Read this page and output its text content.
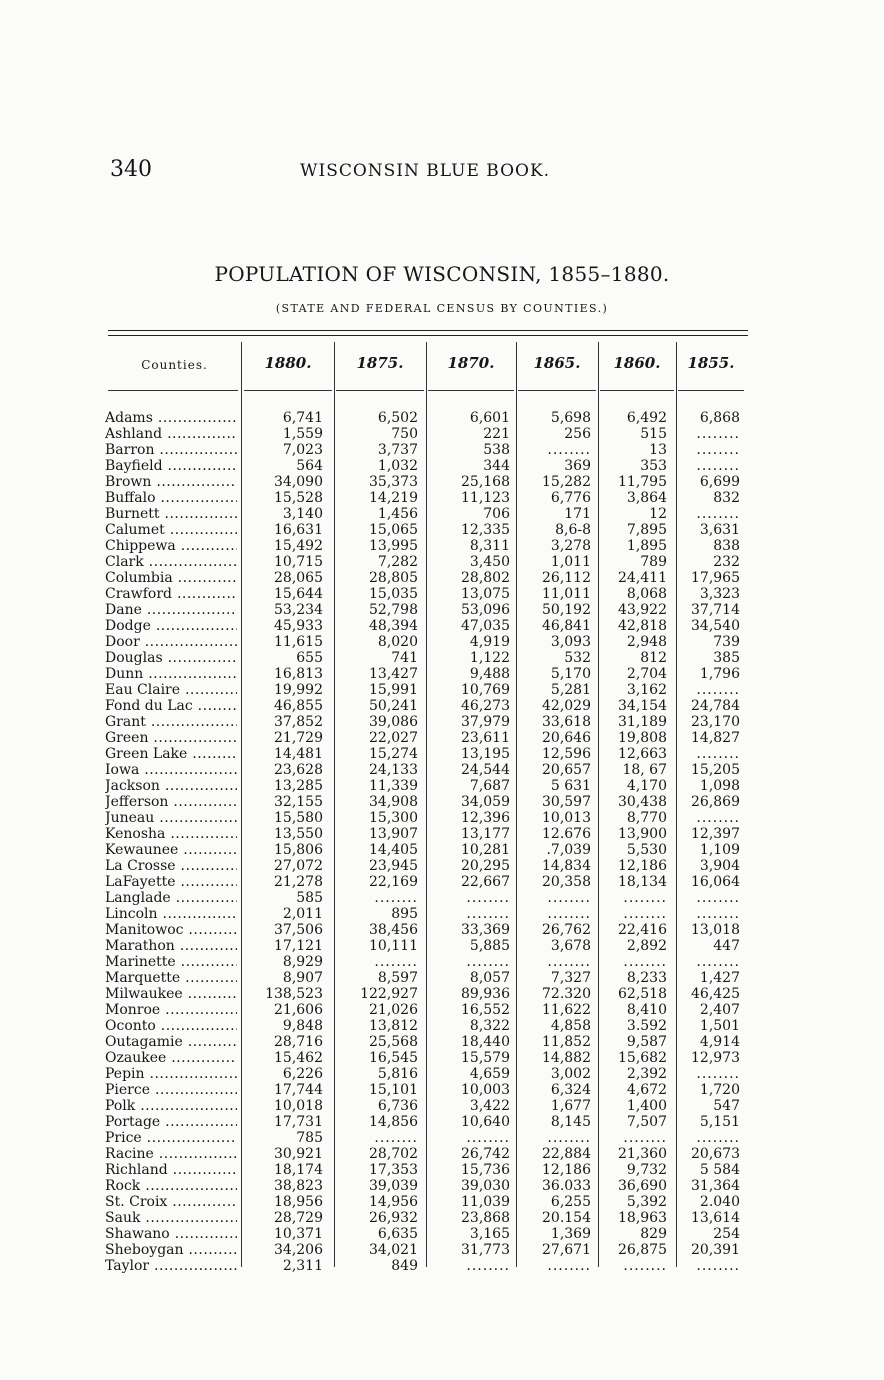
340	WISCONSIN BLUE BOOK.
POPULATION OF WISCONSIN, 1855–1880.
(STATE AND FEDERAL CENSUS BY COUNTIES.)
Counties.	1880.	1875.	1870.	1865.	1860.	1855.
Adams .....	6,741	6,502	6,601	5,698	6,492	6,868
Ashland .....	1,559	750	221	256	515	........
Barron .....	7,023	3,737	538	........	13	........
Bayfield .....	564	1,032	344	369	353	........
Brown .....	34,090	35,373	25,168	15,282	11,795	6,699
Buffalo .....	15,528	14,219	11,123	6,776	3,864	832
Burnett .....	3,140	1,456	706	171	12	........
Calumet .....	16,631	15,065	12,335	8,6-8	7,895	3,631
Chippewa .....	15,492	13,995	8,311	3,278	1,895	838
Clark .....	10,715	7,282	3,450	1,011	789	232
Columbia .....	28,065	28,805	28,802	26,112	24,411	17,965
Crawford .....	15,644	15,035	13,075	11,011	8,068	3,323
Dane .....	53,234	52,798	53,096	50,192	43,922	37,714
Dodge .....	45,933	48,394	47,035	46,841	42,818	34,540
Door .....	11,615	8,020	4,919	3,093	2,948	739
Douglas .....	655	741	1,122	532	812	385
Dunn .....	16,813	13,427	9,488	5,170	2,704	1,796
Eau Claire .....	19,992	15,991	10,769	5,281	3,162	........
Fond du Lac .....	46,855	50,241	46,273	42,029	34,154	24,784
Grant .....	37,852	39,086	37,979	33,618	31,189	23,170
Green .....	21,729	22,027	23,611	20,646	19,808	14,827
Green Lake .....	14,481	15,274	13,195	12,596	12,663	........
Iowa .....	23,628	24,133	24,544	20,657	18, 67	15,205
Jackson .....	13,285	11,339	7,687	5 631	4,170	1,098
Jefferson .....	32,155	34,908	34,059	30,597	30,438	26,869
Juneau .....	15,580	15,300	12,396	10,013	8,770	........
Kenosha .....	13,550	13,907	13,177	12.676	13,900	12,397
Kewaunee .....	15,806	14,405	10,281	.7,039	5,530	1,109
La Crosse .....	27,072	23,945	20,295	14,834	12,186	3,904
LaFayette .....	21,278	22,169	22,667	20,358	18,134	16,064
Langlade .....	585	........	........	........	........	........
Lincoln .....	2,011	895	........	........	........	........
Manitowoc .....	37,506	38,456	33,369	26,762	22,416	13,018
Marathon .....	17,121	10,111	5,885	3,678	2,892	447
Marinette .....	8,929	........	........	........	........	........
Marquette .....	8,907	8,597	8,057	7,327	8,233	1,427
Milwaukee .....	138,523	122,927	89,936	72.320	62,518	46,425
Monroe .....	21,606	21,026	16,552	11,622	8,410	2,407
Oconto .....	9,848	13,812	8,322	4,858	3.592	1,501
Outagamie .....	28,716	25,568	18,440	11,852	9,587	4,914
Ozaukee .....	15,462	16,545	15,579	14,882	15,682	12,973
Pepin .....	6,226	5,816	4,659	3,002	2,392	........
Pierce .....	17,744	15,101	10,003	6,324	4,672	1,720
Polk .....	10,018	6,736	3,422	1,677	1,400	547
Portage .....	17,731	14,856	10,640	8,145	7,507	5,151
Price .....	785	........	........	........	........	........
Racine .....	30,921	28,702	26,742	22,884	21,360	20,673
Richland .....	18,174	17,353	15,736	12,186	9,732	5 584
Rock .....	38,823	39,039	39,030	36.033	36,690	31,364
St. Croix .....	18,956	14,956	11,039	6,255	5,392	2.040
Sauk .....	28,729	26,932	23,868	20.154	18,963	13,614
Shawano .....	10,371	6,635	3,165	1,369	829	254
Sheboygan .....	34,206	34,021	31,773	27,671	26,875	20,391
Taylor .....	2,311	849	........	........	........	........
